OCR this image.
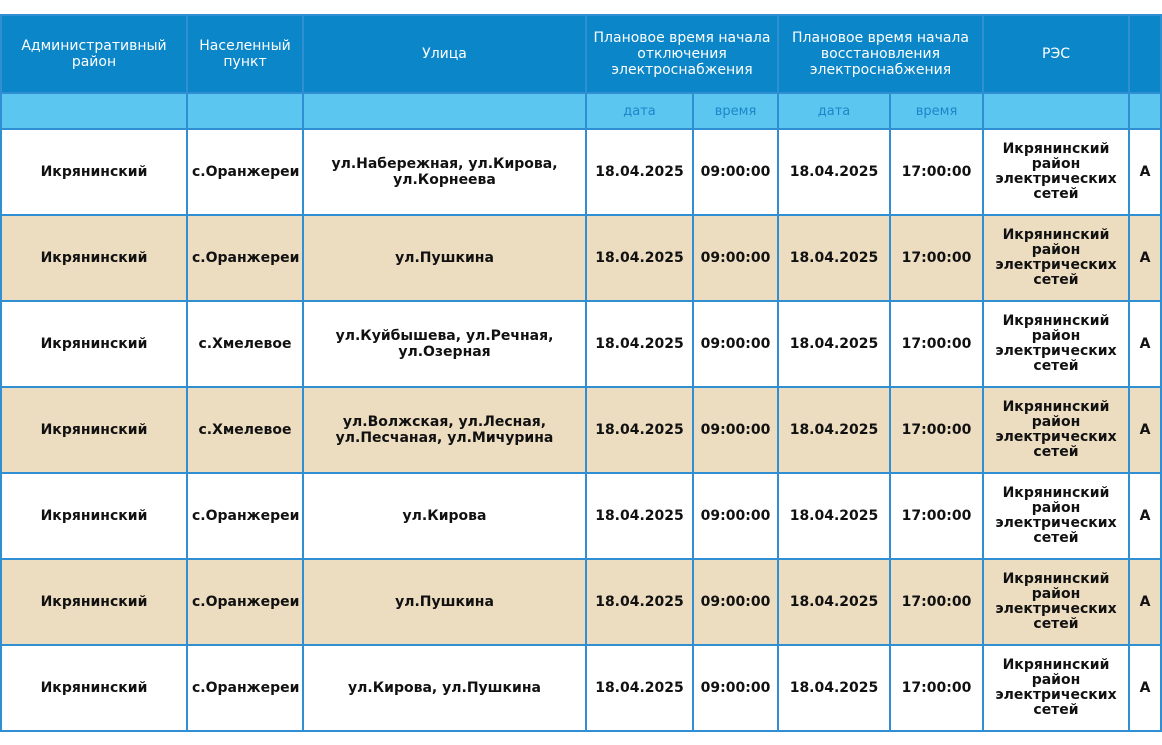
Административный район	Населенный пункт	Улица	Плановое время начала отключения электроснабжения		Плановое время начала восстановления электроснабжения		РЭС	
			дата	время	дата	время		
Икрянинский	с.Оранжереи	ул.Набережная, ул.Кирова, ул.Корнеева	18.04.2025	09:00:00	18.04.2025	17:00:00	Икрянинский район электрических сетей	А
Икрянинский	с.Оранжереи	ул.Пушкина	18.04.2025	09:00:00	18.04.2025	17:00:00	Икрянинский район электрических сетей	А
Икрянинский	с.Хмелевое	ул.Куйбышева, ул.Речная, ул.Озерная	18.04.2025	09:00:00	18.04.2025	17:00:00	Икрянинский район электрических сетей	А
Икрянинский	с.Хмелевое	ул.Волжская, ул.Лесная, ул.Песчаная, ул.Мичурина	18.04.2025	09:00:00	18.04.2025	17:00:00	Икрянинский район электрических сетей	А
Икрянинский	с.Оранжереи	ул.Кирова	18.04.2025	09:00:00	18.04.2025	17:00:00	Икрянинский район электрических сетей	А
Икрянинский	с.Оранжереи	ул.Пушкина	18.04.2025	09:00:00	18.04.2025	17:00:00	Икрянинский район электрических сетей	А
Икрянинский	с.Оранжереи	ул.Кирова, ул.Пушкина	18.04.2025	09:00:00	18.04.2025	17:00:00	Икрянинский район электрических сетей	А
